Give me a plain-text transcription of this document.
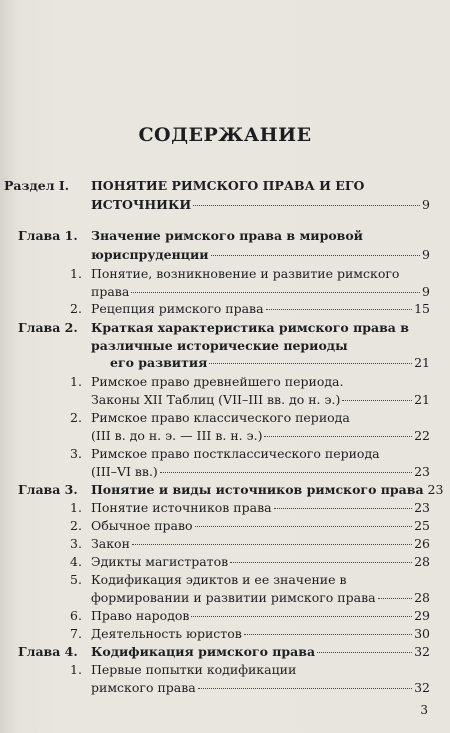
СОДЕРЖАНИЕ
Раздел I. ПОНЯТИЕ РИМСКОГО ПРАВА И ЕГО
ИСТОЧНИКИ	9
Глава 1. Значение римского права в мировой
юриспруденции	9
1. Понятие, возникновение и развитие римского
права	9
2. Рецепция римского права	15
Глава 2. Краткая характеристика римского права в
различные исторические периоды
его развития	21
1. Римское право древнейшего периода.
Законы XII Таблиц (VII–III вв. до н. э.)	21
2. Римское право классического периода
(III в. до н. э. — III в. н. э.)	22
3. Римское право постклассического периода
(III–VI вв.)	23
Глава 3. Понятие и виды источников римского права 23
1. Понятие источников права	23
2. Обычное право	25
3. Закон	26
4. Эдикты магистратов	28
5. Кодификация эдиктов и ее значение в
формировании и развитии римского права	28
6. Право народов	29
7. Деятельность юристов	30
Глава 4. Кодификация римского права	32
1. Первые попытки кодификации
римского права	32
3
